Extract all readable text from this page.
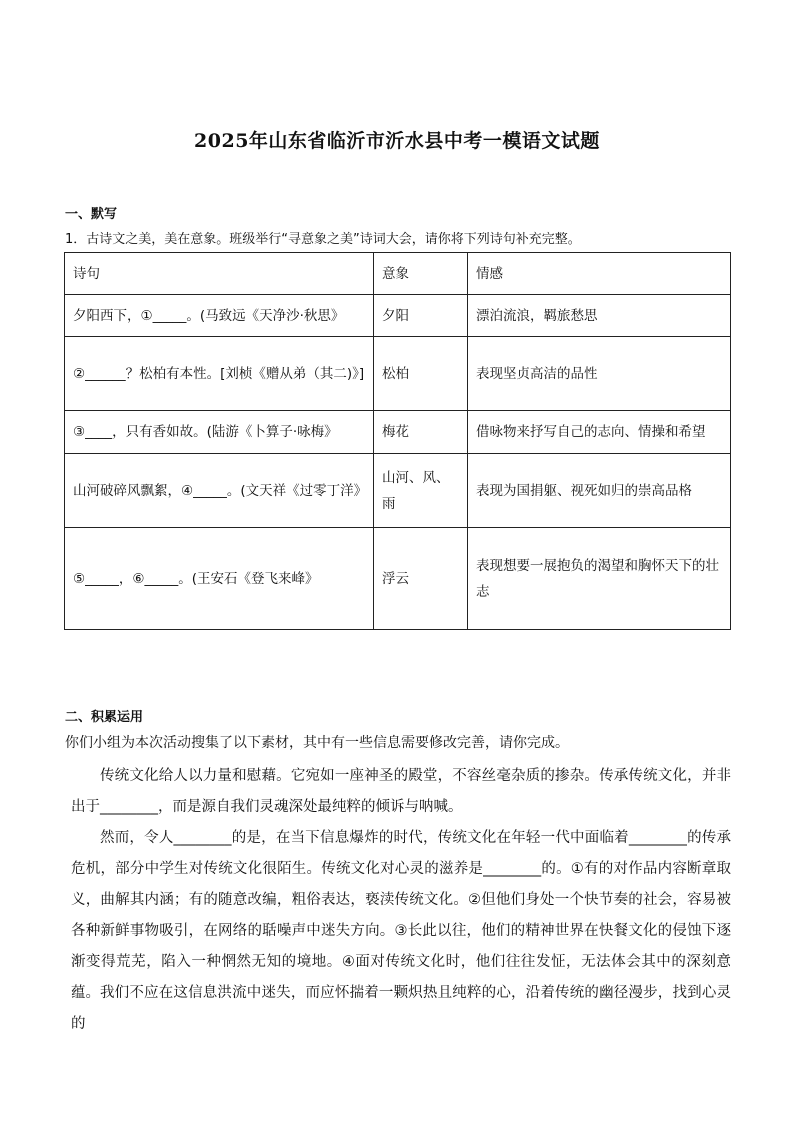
2025年山东省临沂市沂水县中考一模语文试题
一、默写
1．古诗文之美，美在意象。班级举行“寻意象之美”诗词大会，请你将下列诗句补充完整。
诗句	意象	情感
夕阳西下，①_____。(马致远《天净沙·秋思》	夕阳	漂泊流浪，羁旅愁思
②______？松柏有本性。[刘桢《赠从弟（其二)》]	松柏	表现坚贞高洁的品性
③____，只有香如故。(陆游《卜算子·咏梅》	梅花	借咏物来抒写自己的志向、情操和希望
山河破碎风飘絮，④_____。(文天祥《过零丁洋》	山河、风、雨	表现为国捐躯、视死如归的崇高品格
⑤_____，⑥_____。(王安石《登飞来峰》	浮云	表现想要一展抱负的渴望和胸怀天下的壮志
二、积累运用
你们小组为本次活动搜集了以下素材，其中有一些信息需要修改完善，请你完成。
传统文化给人以力量和慰藉。它宛如一座神圣的殿堂，不容丝毫杂质的掺杂。传承传统文化，并非出于________，而是源自我们灵魂深处最纯粹的倾诉与呐喊。
然而，令人________的是，在当下信息爆炸的时代，传统文化在年轻一代中面临着________的传承危机，部分中学生对传统文化很陌生。传统文化对心灵的滋养是________的。①有的对作品内容断章取义，曲解其内涵；有的随意改编，粗俗表达，亵渎传统文化。②但他们身处一个快节奏的社会，容易被各种新鲜事物吸引，在网络的聒噪声中迷失方向。③长此以往，他们的精神世界在快餐文化的侵蚀下逐渐变得荒芜，陷入一种惘然无知的境地。④面对传统文化时，他们往往发怔，无法体会其中的深刻意蕴。 我们不应在这信息洪流中迷失，而应怀揣着一颗炽热且纯粹的心，沿着传统的幽径漫步，找到心灵的
